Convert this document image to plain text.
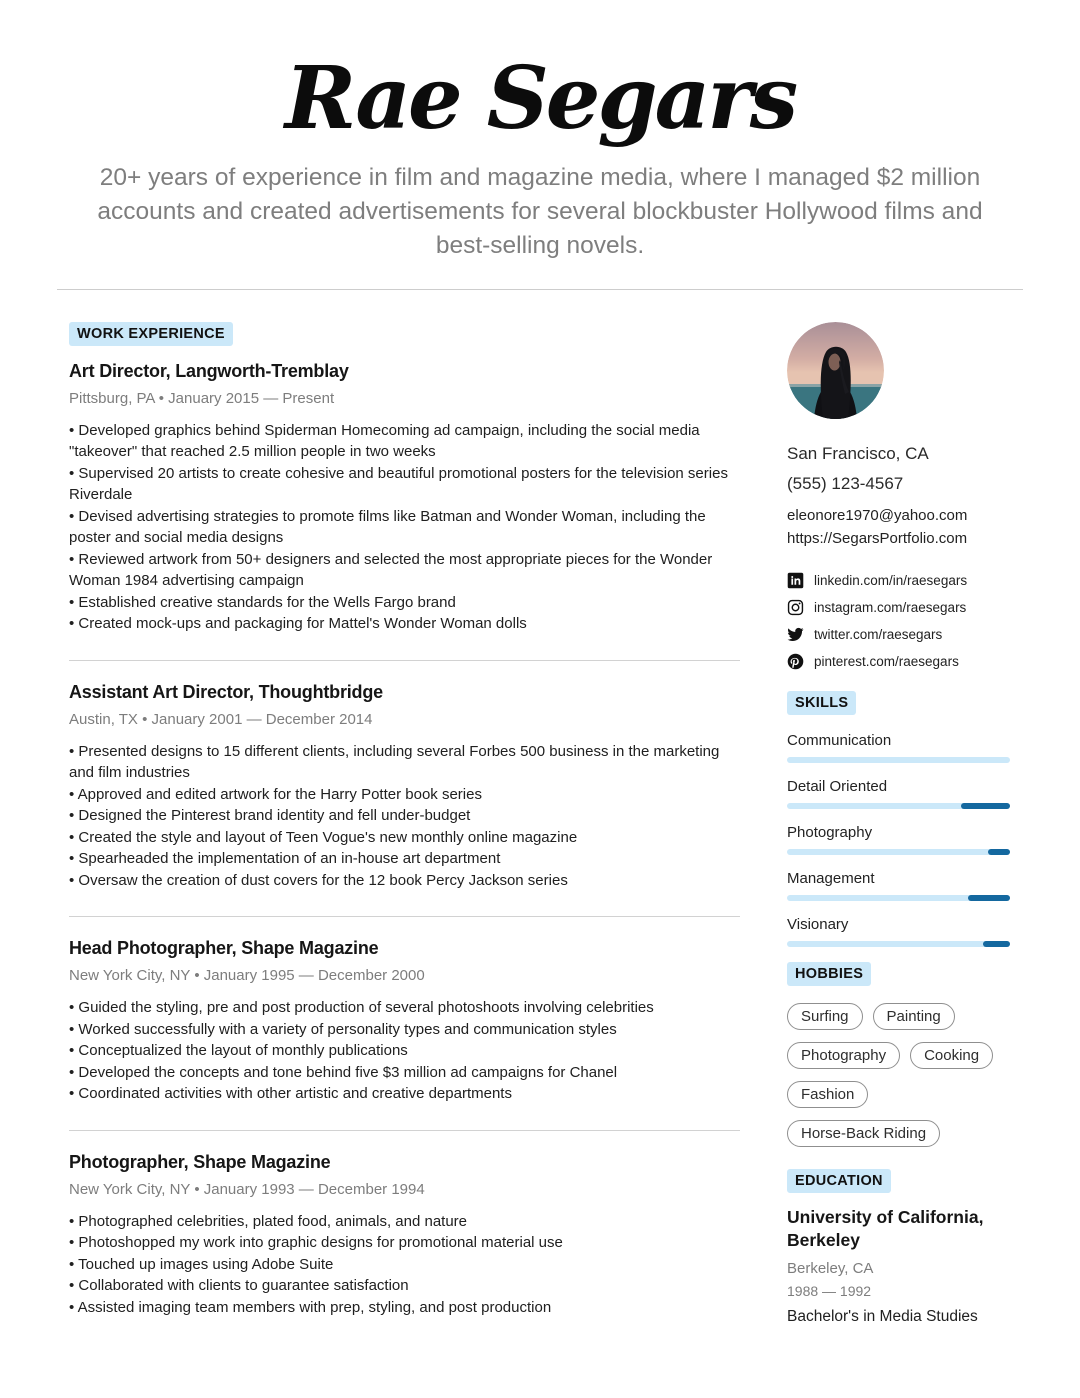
Rae Segars
20+ years of experience in film and magazine media, where I managed $2 million accounts and created advertisements for several blockbuster Hollywood films and best-selling novels.
WORK EXPERIENCE
Art Director, Langworth-Tremblay
Pittsburg, PA • January 2015 — Present
• Developed graphics behind Spiderman Homecoming ad campaign, including the social media "takeover" that reached 2.5 million people in two weeks
• Supervised 20 artists to create cohesive and beautiful promotional posters for the television series Riverdale
• Devised advertising strategies to promote films like Batman and Wonder Woman, including the poster and social media designs
• Reviewed artwork from 50+ designers and selected the most appropriate pieces for the Wonder Woman 1984 advertising campaign
• Established creative standards for the Wells Fargo brand
• Created mock-ups and packaging for Mattel's Wonder Woman dolls
Assistant Art Director, Thoughtbridge
Austin, TX • January 2001 — December 2014
• Presented designs to 15 different clients, including several Forbes 500 business in the marketing and film industries
• Approved and edited artwork for the Harry Potter book series
• Designed the Pinterest brand identity and fell under-budget
• Created the style and layout of Teen Vogue's new monthly online magazine
• Spearheaded the implementation of an in-house art department
• Oversaw the creation of dust covers for the 12 book Percy Jackson series
Head Photographer, Shape Magazine
New York City, NY • January 1995 — December 2000
• Guided the styling, pre and post production of several photoshoots involving celebrities
• Worked successfully with a variety of personality types and communication styles
• Conceptualized the layout of monthly publications
• Developed the concepts and tone behind five $3 million ad campaigns for Chanel
• Coordinated activities with other artistic and creative departments
Photographer, Shape Magazine
New York City, NY • January 1993 — December 1994
• Photographed celebrities, plated food, animals, and nature
• Photoshopped my work into graphic designs for promotional material use
• Touched up images using Adobe Suite
• Collaborated with clients to guarantee satisfaction
• Assisted imaging team members with prep, styling, and post production
San Francisco, CA
(555) 123-4567
eleonore1970@yahoo.com
https://SegarsPortfolio.com
linkedin.com/in/raesegars
instagram.com/raesegars
twitter.com/raesegars
pinterest.com/raesegars
SKILLS
Communication
Detail Oriented
Photography
Management
Visionary
HOBBIES
Surfing	Painting
Photography	Cooking
Fashion
Horse-Back Riding
EDUCATION
University of California, Berkeley
Berkeley, CA
1988 — 1992
Bachelor's in Media Studies
